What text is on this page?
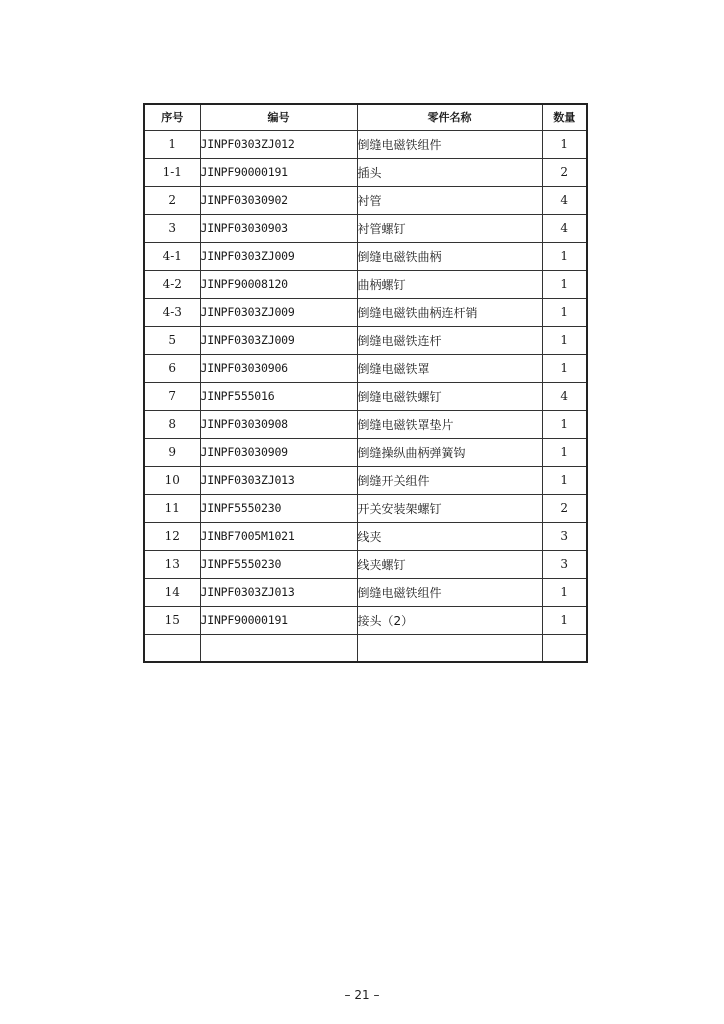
序号	编号	零件名称	数量
1	JINPF0303ZJ012	倒缝电磁铁组件	1
1-1	JINPF90000191	插头	2
2	JINPF03030902	衬管	4
3	JINPF03030903	衬管螺钉	4
4-1	JINPF0303ZJ009	倒缝电磁铁曲柄	1
4-2	JINPF90008120	曲柄螺钉	1
4-3	JINPF0303ZJ009	倒缝电磁铁曲柄连杆销	1
5	JINPF0303ZJ009	倒缝电磁铁连杆	1
6	JINPF03030906	倒缝电磁铁罩	1
7	JINPF555016	倒缝电磁铁螺钉	4
8	JINPF03030908	倒缝电磁铁罩垫片	1
9	JINPF03030909	倒缝操纵曲柄弹簧钩	1
10	JINPF0303ZJ013	倒缝开关组件	1
11	JINPF5550230	开关安装架螺钉	2
12	JINBF7005M1021	线夹	3
13	JINPF5550230	线夹螺钉	3
14	JINPF0303ZJ013	倒缝电磁铁组件	1
15	JINPF90000191	接头（2）	1

– 21 –
